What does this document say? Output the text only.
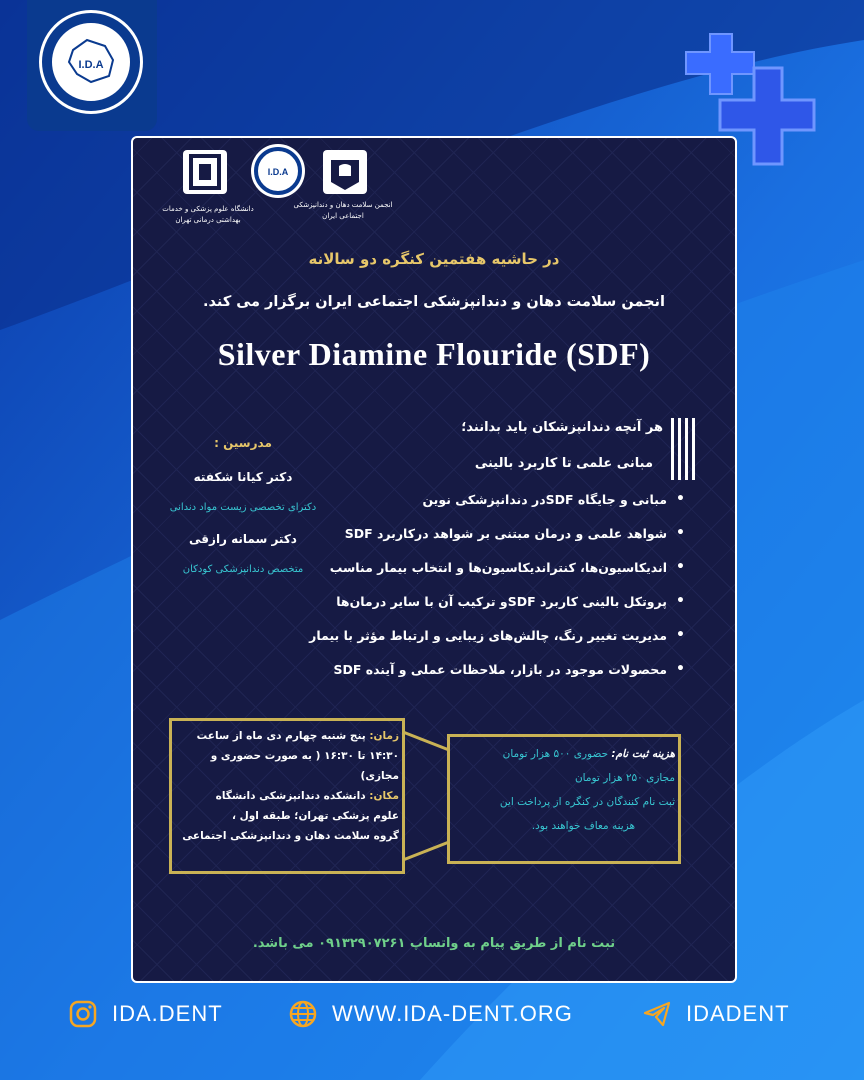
I.D.A
I.D.A
دانشگاه علوم پزشکی و خدمات بهداشتی درمانی تهران
انجمن سلامت دهان و دندانپزشکی اجتماعی ایران
در حاشیه هفتمین کنگره دو سالانه
انجمن سلامت دهان و دندانپزشکی اجتماعی ایران برگزار می کند.
Silver Diamine Flouride (SDF)
مدرسین :
دکتر کیانا شکفته
دکترای تخصصی زیست مواد دندانی
دکتر سمانه رازقی
متخصص دندانپزشکی کودکان
هر آنچه دندانپزشکان باید بدانند؛
مبانی علمی تا کاربرد بالینی
مبانی و جایگاه SDFدر دندانپزشکی نوین •
شواهد علمی و درمان مبتنی بر شواهد درکاربرد SDF •
اندیکاسیون‌ها، کنتراندیکاسیون‌ها و انتخاب بیمار مناسب •
پروتکل بالینی کاربرد SDFو ترکیب آن با سایر درمان‌ها •
مدیریت تغییر رنگ، چالش‌های زیبایی و ارتباط مؤثر با بیمار •
محصولات موجود در بازار، ملاحظات عملی و آینده SDF •
زمان: پنج شنبه چهارم دی ماه از ساعت
۱۴:۳۰ تا ۱۶:۳۰ ( به صورت حضوری و مجازی)
مکان: دانشکده دندانپزشکی دانشگاه
علوم پزشکی تهران؛ طبقه اول ،
گروه سلامت دهان و دندانپزشکی اجتماعی
هزینه ثبت نام: حضوری ۵۰۰ هزار تومان
مجازی ۲۵۰ هزار تومان
ثبت نام کنندگان در کنگره از پرداخت این
هزینه معاف خواهند بود.
ثبت نام از طریق پیام به واتساپ ۰۹۱۳۲۹۰۷۲۶۱ می باشد.
IDA.DENT	WWW.IDA-DENT.ORG	IDADENT
